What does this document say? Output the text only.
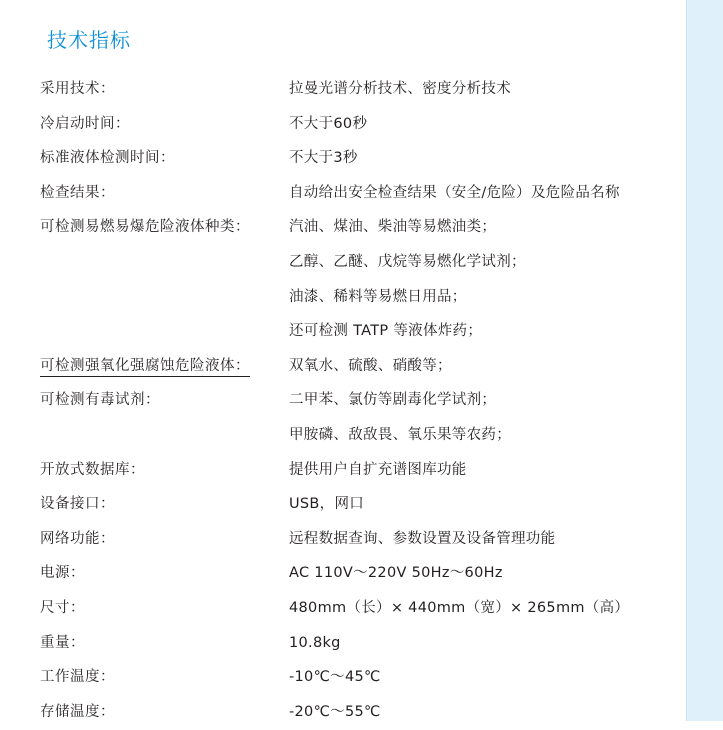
技术指标
采用技术：	拉曼光谱分析技术、密度分析技术
冷启动时间：	不大于60秒
标准液体检测时间：	不大于3秒
检查结果：	自动给出安全检查结果（安全/危险）及危险品名称
可检测易燃易爆危险液体种类：	汽油、煤油、柴油等易燃油类；
乙醇、乙醚、戊烷等易燃化学试剂；
油漆、稀料等易燃日用品；
还可检测 TATP 等液体炸药；
可检测强氧化强腐蚀危险液体：	双氧水、硫酸、硝酸等；
可检测有毒试剂：	二甲苯、氯仿等剧毒化学试剂；
甲胺磷、敌敌畏、氧乐果等农药；
开放式数据库：	提供用户自扩充谱图库功能
设备接口：	USB，网口
网络功能：	远程数据查询、参数设置及设备管理功能
电源：	AC 110V～220V 50Hz～60Hz
尺寸：	480mm（长）× 440mm（宽）× 265mm（高）
重量：	10.8kg
工作温度：	-10℃～45℃
存储温度：	-20℃～55℃
